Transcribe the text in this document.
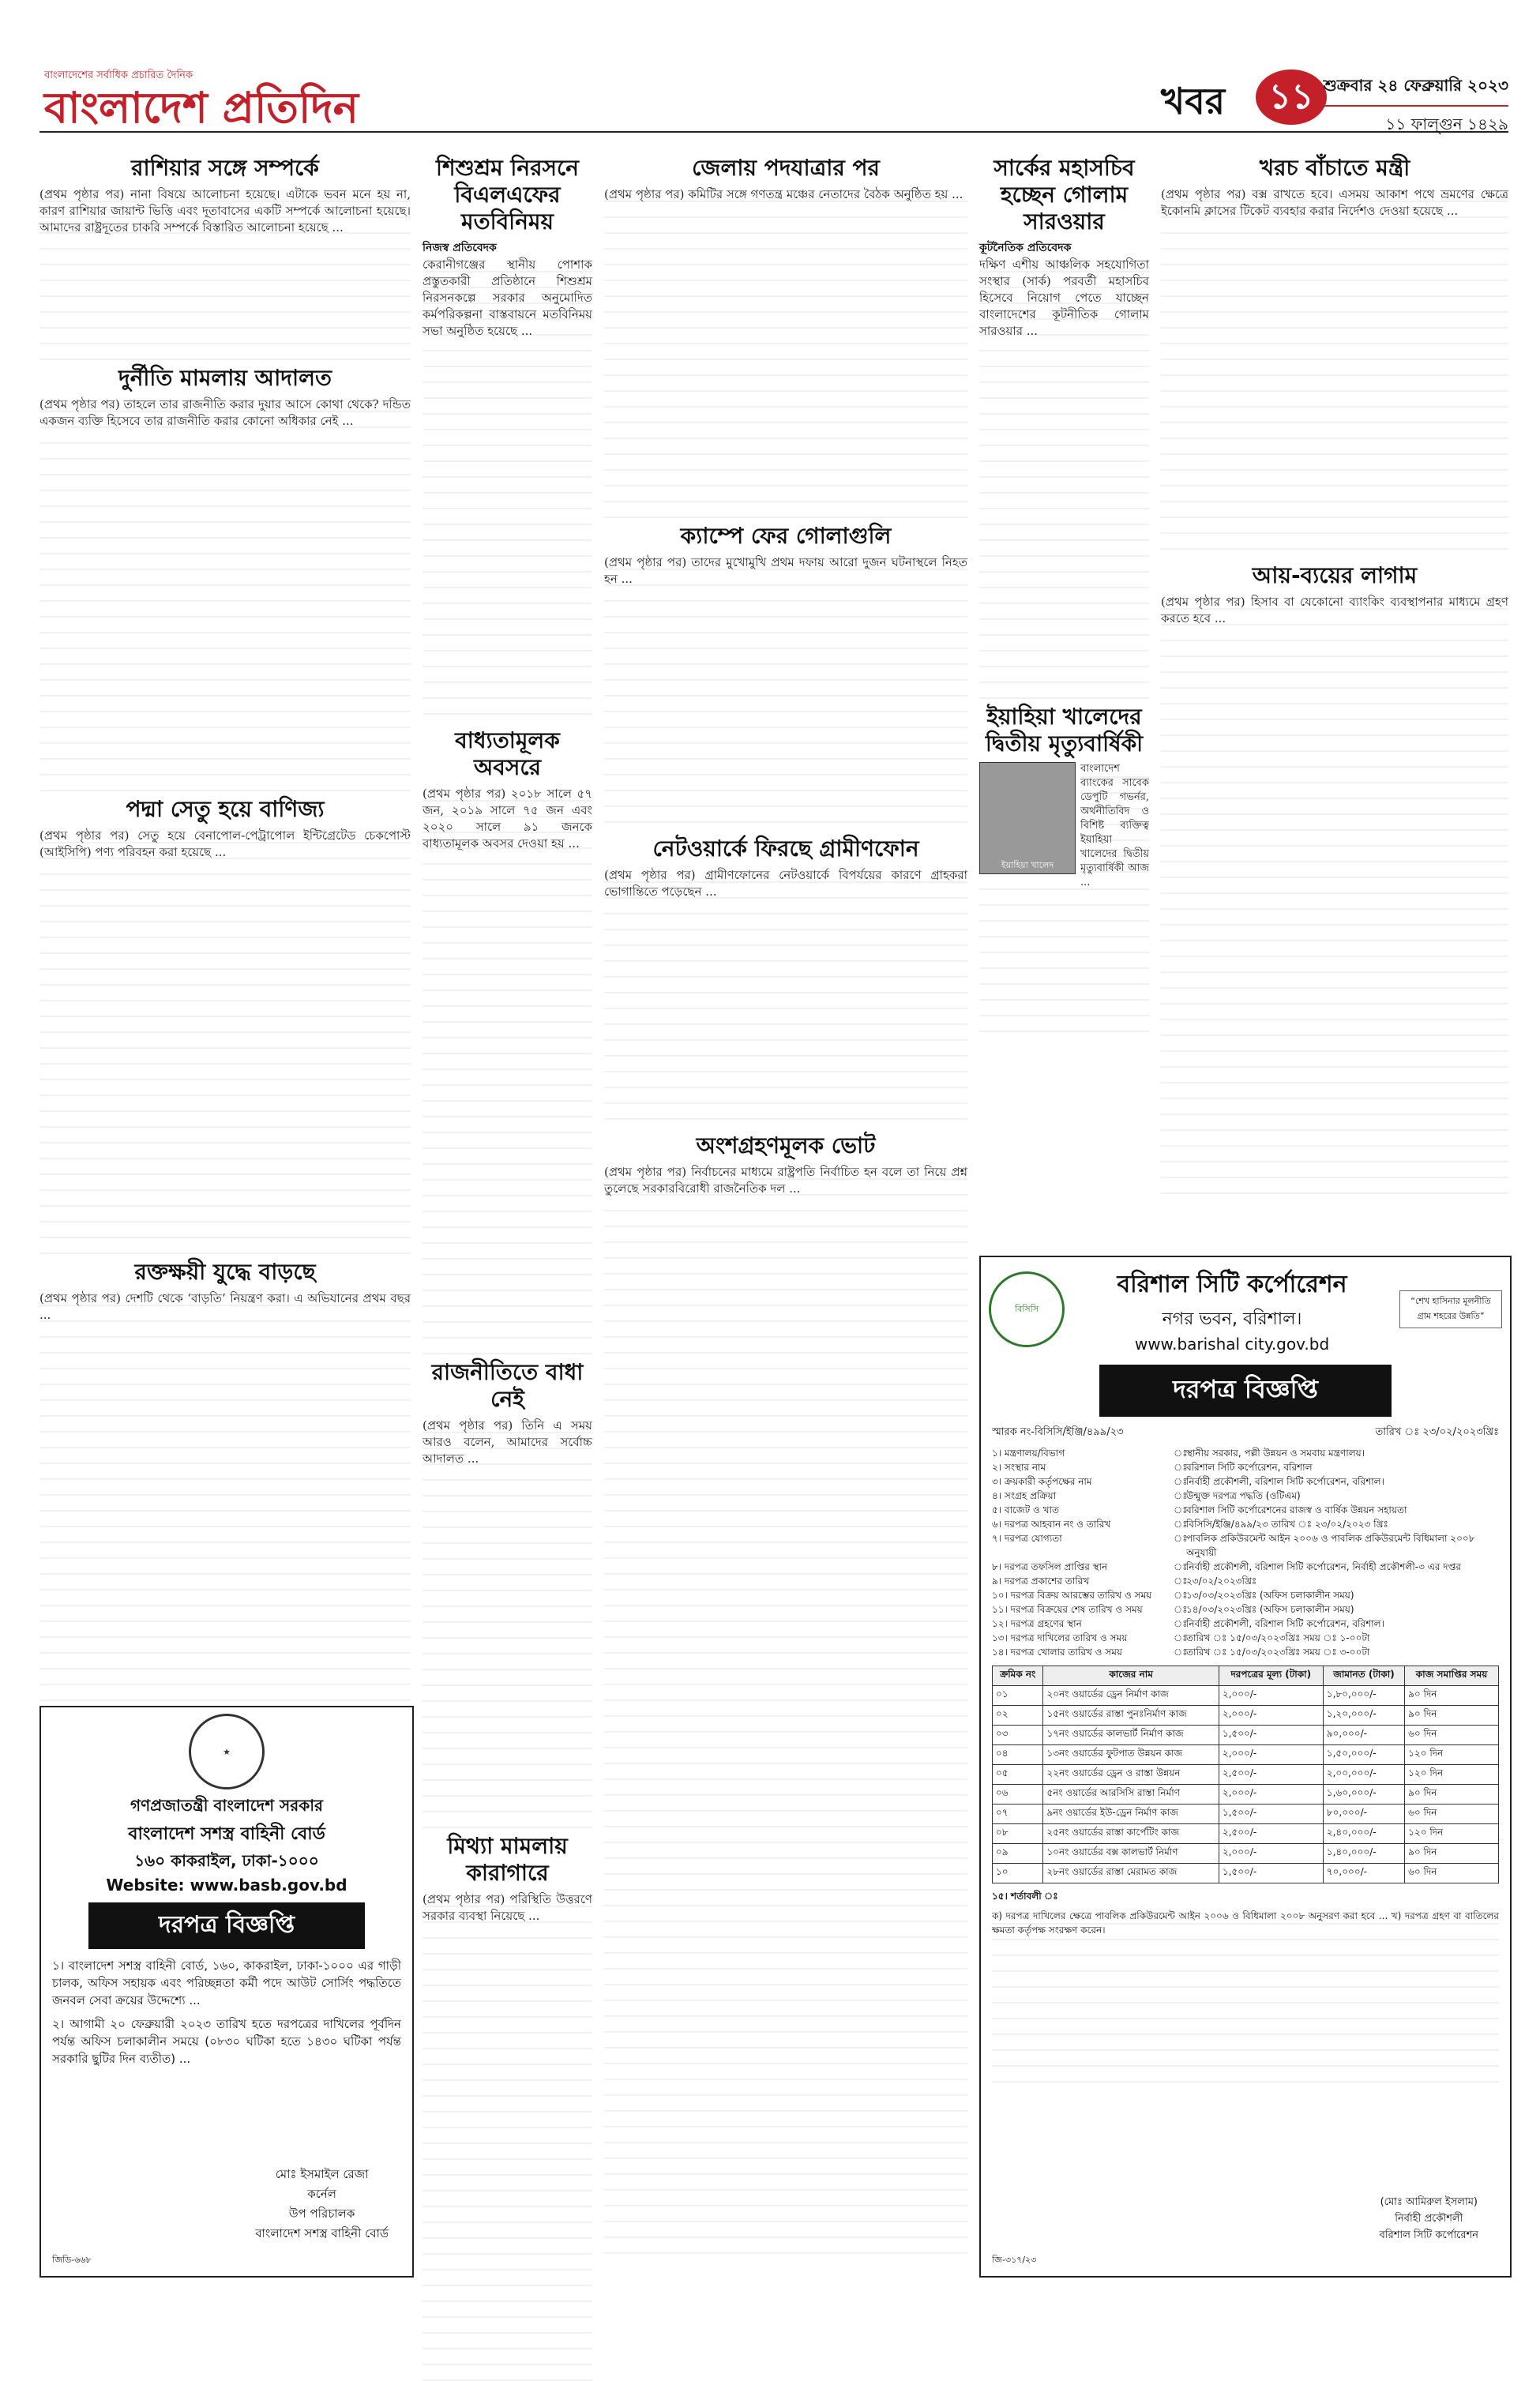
বাংলাদেশের সর্বাধিক প্রচারিত দৈনিক
বাংলাদেশ প্রতিদিন	খবর	১১ শুক্রবার ২৪ ফেব্রুয়ারি ২০২৩
১১ ফাল্গুন ১৪২৯
রাশিয়ার সঙ্গে সম্পর্কে
(প্রথম পৃষ্ঠার পর) নানা বিষয়ে আলোচনা হয়েছে। এটাকে ভবন মনে হয় না, কারণ রাশিয়ার জায়ান্ট ভিত্তি এবং দূতাবাসের একটি সম্পর্কে আলোচনা হয়েছে। আমাদের রাষ্ট্রদূতের চাকরি সম্পর্কে বিস্তারিত আলোচনা হয়েছে ...
দুর্নীতি মামলায় আদালত
(প্রথম পৃষ্ঠার পর) তাহলে তার রাজনীতি করার দুয়ার আসে কোথা থেকে? দন্ডিত একজন ব্যক্তি হিসেবে তার রাজনীতি করার কোনো অধিকার নেই ...
পদ্মা সেতু হয়ে বাণিজ্য
(প্রথম পৃষ্ঠার পর) সেতু হয়ে বেনাপোল-পেট্রাপোল ইন্টিগ্রেটেড চেকপোস্ট (আইসিপি) পণ্য পরিবহন করা হয়েছে ...
রক্তক্ষয়ী যুদ্ধে বাড়ছে
(প্রথম পৃষ্ঠার পর) দেশটি থেকে ‘বাড়তি’ নিয়ন্ত্রণ করা। এ অভিযানের প্রথম বছর ...
★
গণপ্রজাতন্ত্রী বাংলাদেশ সরকার
বাংলাদেশ সশস্ত্র বাহিনী বোর্ড
১৬০ কাকরাইল, ঢাকা-১০০০
Website: www.basb.gov.bd
দরপত্র বিজ্ঞপ্তি
১। বাংলাদেশ সশস্ত্র বাহিনী বোর্ড, ১৬০, কাকরাইল, ঢাকা-১০০০ এর গাড়ী চালক, অফিস সহায়ক এবং পরিচ্ছন্নতা কর্মী পদে আউট সোর্সিং পদ্ধতিতে জনবল সেবা ক্রয়ের উদ্দেশ্যে ...
২। আগামী ২০ ফেব্রুয়ারী ২০২৩ তারিখ হতে দরপত্রের দাখিলের পূর্বদিন পর্যন্ত অফিস চলাকালীন সময়ে (০৮৩০ ঘটিকা হতে ১৪৩০ ঘটিকা পর্যন্ত সরকারি ছুটির দিন ব্যতীত) ...
মোঃ ইসমাইল রেজা
কর্নেল
উপ পরিচালক
বাংলাদেশ সশস্ত্র বাহিনী বোর্ড
জিডি-৬৬৮
শিশুশ্রম নিরসনে বিএলএফের মতবিনিময়
নিজস্ব প্রতিবেদক
কেরানীগঞ্জের স্থানীয় পোশাক প্রস্তুতকারী প্রতিষ্ঠানে শিশুশ্রম নিরসনকল্পে সরকার অনুমোদিত কর্মপরিকল্পনা বাস্তবায়নে মতবিনিময় সভা অনুষ্ঠিত হয়েছে ...
বাধ্যতামূলক অবসরে
(প্রথম পৃষ্ঠার পর) ২০১৮ সালে ৫৭ জন, ২০১৯ সালে ৭৫ জন এবং ২০২০ সালে ৯১ জনকে বাধ্যতামূলক অবসর দেওয়া হয় ...
রাজনীতিতে বাধা নেই
(প্রথম পৃষ্ঠার পর) তিনি এ সময় আরও বলেন, আমাদের সর্বোচ্চ আদালত ...
মিথ্যা মামলায় কারাগারে
(প্রথম পৃষ্ঠার পর) পরিস্থিতি উত্তরণে সরকার ব্যবস্থা নিয়েছে ...
জেলায় পদযাত্রার পর
(প্রথম পৃষ্ঠার পর) কমিটির সঙ্গে গণতন্ত্র মঞ্চের নেতাদের বৈঠক অনুষ্ঠিত হয় ...
ক্যাম্পে ফের গোলাগুলি
(প্রথম পৃষ্ঠার পর) তাদের মুখোমুখি প্রথম দফায় আরো দুজন ঘটনাস্থলে নিহত হন ...
নেটওয়ার্কে ফিরছে গ্রামীণফোন
(প্রথম পৃষ্ঠার পর) গ্রামীণফোনের নেটওয়ার্কে বিপর্যয়ের কারণে গ্রাহকরা ভোগান্তিতে পড়েছেন ...
অংশগ্রহণমূলক ভোট
(প্রথম পৃষ্ঠার পর) নির্বাচনের মাধ্যমে রাষ্ট্রপতি নির্বাচিত হন বলে তা নিয়ে প্রশ্ন তুলেছে সরকারবিরোধী রাজনৈতিক দল ...
সার্কের মহাসচিব হচ্ছেন গোলাম সারওয়ার
কূটনৈতিক প্রতিবেদক
দক্ষিণ এশীয় আঞ্চলিক সহযোগিতা সংস্থার (সার্ক) পরবর্তী মহাসচিব হিসেবে নিয়োগ পেতে যাচ্ছেন বাংলাদেশের কূটনীতিক গোলাম সারওয়ার ...
ইয়াহিয়া খালেদের দ্বিতীয় মৃত্যুবার্ষিকী
ইয়াহিয়া খালেদ
বাংলাদেশ ব্যাংকের সাবেক ডেপুটি গভর্নর, অর্থনীতিবিদ ও বিশিষ্ট ব্যক্তিত্ব ইয়াহিয়া খালেদের দ্বিতীয় মৃত্যুবার্ষিকী আজ ...
খরচ বাঁচাতে মন্ত্রী
(প্রথম পৃষ্ঠার পর) বক্স রাখতে হবে। এসময় আকাশ পথে ভ্রমণের ক্ষেত্রে ইকোনমি ক্লাসের টিকেট ব্যবহার করার নির্দেশও দেওয়া হয়েছে ...
আয়-ব্যয়ের লাগাম
(প্রথম পৃষ্ঠার পর) হিসাব বা যেকোনো ব্যাংকিং ব্যবস্থাপনার মাধ্যমে গ্রহণ করতে হবে ...
বিসিসি
বরিশাল সিটি কর্পোরেশন
নগর ভবন, বরিশাল।
www.barishal city.gov.bd
“শেখ হাসিনার মূলনীতি গ্রাম শহরের উন্নতি”
দরপত্র বিজ্ঞপ্তি
স্মারক নং-বিসিসি/ইঞ্জি/৪৯৯/২৩	তারিখ ঃ ২৩/০২/২০২৩খ্রিঃ
১। মন্ত্রণালয়/বিভাগ	ঃ
স্থানীয় সরকার, পল্লী উন্নয়ন ও সমবায় মন্ত্রণালয়।
২। সংস্থার নাম	ঃ
বরিশাল সিটি কর্পোরেশন, বরিশাল
৩। ক্রয়কারী কর্তৃপক্ষের নাম	ঃ
নির্বাহী প্রকৌশলী, বরিশাল সিটি কর্পোরেশন, বরিশাল।
৪। সংগ্রহ প্রক্রিয়া	ঃ
উন্মুক্ত দরপত্র পদ্ধতি (ওটিএম)
৫। বাজেট ও খাত	ঃ
বরিশাল সিটি কর্পোরেশনের রাজস্ব ও বার্ষিক উন্নয়ন সহায়তা
৬। দরপত্র আহবান নং ও তারিখ	ঃ
বিসিসি/ইঞ্জি/৪৯৯/২৩ তারিখ ঃ ২৩/০২/২০২৩ খ্রিঃ
৭। দরপত্র যোগ্যতা	ঃ
পাবলিক প্রকিউরমেন্ট আইন ২০০৬ ও পাবলিক প্রকিউরমেন্ট বিধিমালা ২০০৮ অনুযায়ী
৮। দরপত্র তফসিল প্রাপ্তির স্থান	ঃ
নির্বাহী প্রকৌশলী, বরিশাল সিটি কর্পোরেশন, নির্বাহী প্রকৌশলী-৩ এর দপ্তর
৯। দরপত্র প্রকাশের তারিখ	ঃ
২৩/০২/২০২৩খ্রিঃ
১০। দরপত্র বিক্রয় আরম্ভের তারিখ ও সময়	ঃ
১৩/০৩/২০২৩খ্রিঃ (অফিস চলাকালীন সময়)
১১। দরপত্র বিক্রয়ের শেষ তারিখ ও সময়	ঃ
১৪/০৩/২০২৩খ্রিঃ (অফিস চলাকালীন সময়)
১২। দরপত্র গ্রহণের স্থান	ঃ
নির্বাহী প্রকৌশলী, বরিশাল সিটি কর্পোরেশন, বরিশাল।
১৩। দরপত্র দাখিলের তারিখ ও সময়	ঃ
তারিখ ঃ ১৫/০৩/২০২৩খ্রিঃ সময় ঃ ১-০০টা
১৪। দরপত্র খোলার তারিখ ও সময়	ঃ
তারিখ ঃ ১৫/০৩/২০২৩খ্রিঃ সময় ঃ ৩-০০টা
ক্রমিক নং	কাজের নাম	দরপত্রের মূল্য (টাকা)	জামানত (টাকা)	কাজ সমাপ্তির সময়
০১	২০নং ওয়ার্ডের ড্রেন নির্মাণ কাজ	২,০০০/-	১,৮০,০০০/-	৯০ দিন
০২	১৫নং ওয়ার্ডের রাস্তা পুনঃনির্মাণ কাজ	২,০০০/-	১,২০,০০০/-	৯০ দিন
০৩	১৭নং ওয়ার্ডের কালভার্ট নির্মাণ কাজ	১,৫০০/-	৯০,০০০/-	৬০ দিন
০৪	১৩নং ওয়ার্ডের ফুটপাত উন্নয়ন কাজ	২,০০০/-	১,৫০,০০০/-	১২০ দিন
০৫	২২নং ওয়ার্ডের ড্রেন ও রাস্তা উন্নয়ন	২,৫০০/-	২,০০,০০০/-	১২০ দিন
০৬	৫নং ওয়ার্ডের আরসিসি রাস্তা নির্মাণ	২,০০০/-	১,৬০,০০০/-	৯০ দিন
০৭	৯নং ওয়ার্ডের ইউ-ড্রেন নির্মাণ কাজ	১,৫০০/-	৮০,০০০/-	৬০ দিন
০৮	২৫নং ওয়ার্ডের রাস্তা কার্পেটিং কাজ	২,৫০০/-	২,৪০,০০০/-	১২০ দিন
০৯	১০নং ওয়ার্ডের বক্স কালভার্ট নির্মাণ	২,০০০/-	১,৪০,০০০/-	৯০ দিন
১০	২৮নং ওয়ার্ডের রাস্তা মেরামত কাজ	১,৫০০/-	৭০,০০০/-	৬০ দিন
১৫। শর্তাবলী ঃ
ক) দরপত্র দাখিলের ক্ষেত্রে পাবলিক প্রকিউরমেন্ট আইন ২০০৬ ও বিধিমালা ২০০৮ অনুসরণ করা হবে ... খ) দরপত্র গ্রহণ বা বাতিলের ক্ষমতা কর্তৃপক্ষ সংরক্ষণ করেন।
(মোঃ আমিরুল ইসলাম)
নির্বাহী প্রকৌশলী
বরিশাল সিটি কর্পোরেশন
জি-৩১৭/২৩
